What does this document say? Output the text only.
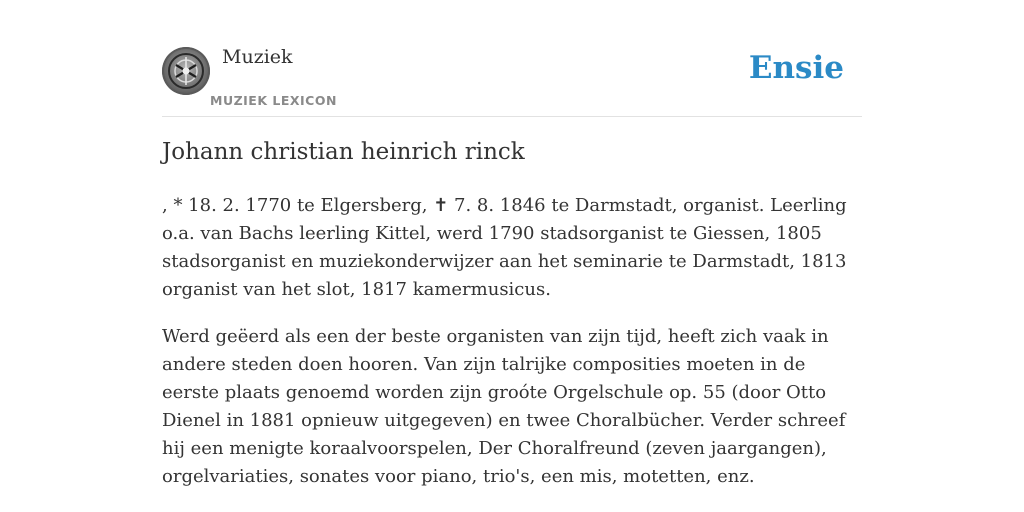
Muziek
MUZIEK LEXICON
Ensie
Johann christian heinrich rinck

, * 18. 2. 1770 te Elgersberg, ✝ 7. 8. 1846 te Darmstadt, organist. Leerling o.a. van Bachs leerling Kittel, werd 1790 stadsorganist te Giessen, 1805 stadsorganist en muziekonderwijzer aan het seminarie te Darmstadt, 1813 organist van het slot, 1817 kamermusicus.

Werd geëerd als een der beste organisten van zijn tijd, heeft zich vaak in andere steden doen hooren. Van zijn talrijke composities moeten in de eerste plaats genoemd worden zijn groóte Orgelschule op. 55 (door Otto Dienel in 1881 opnieuw uitgegeven) en twee Choralbücher. Verder schreef hij een menigte koraalvoorspelen, Der Choralfreund (zeven jaargangen), orgelvariaties, sonates voor piano, trio's, een mis, motetten, enz.
